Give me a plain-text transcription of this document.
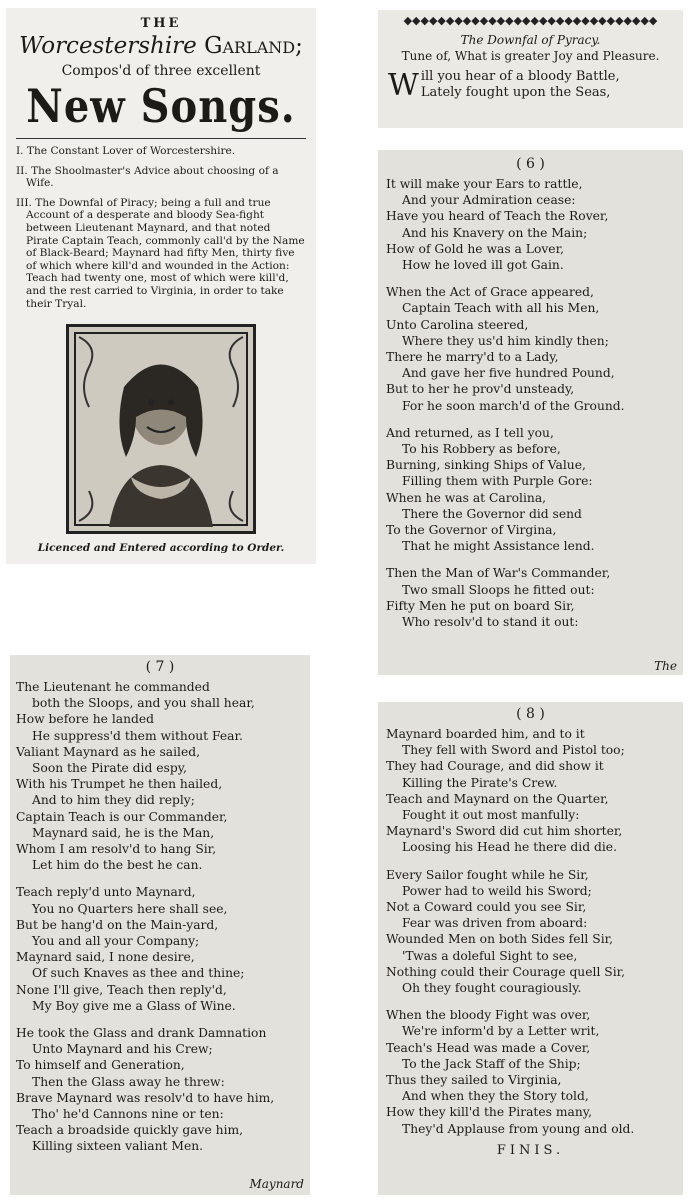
THE
Worcestershire Garland;
Compos'd of three excellent
New Songs.

I. The Constant Lover of Worcestershire.

II. The Shoolmaster's Advice about choosing of a Wife.

III. The Downfal of Piracy; being a full and true Account of a desperate and bloody Sea-fight between Lieutenant Maynard, and that noted Pirate Captain Teach, commonly call'd by the Name of Black-Beard; Maynard had fifty Men, thirty five of which where kill'd and wounded in the Action: Teach had twenty one, most of which were kill'd, and the rest carried to Virginia, in order to take their Tryal.

Licenced and Entered according to Order.
◆◆◆◆◆◆◆◆◆◆◆◆◆◆◆◆◆◆◆◆◆◆◆◆◆◆◆◆◆◆
The Downfal of Pyracy.
Tune of, What is greater Joy and Pleasure.
W ill you hear of a bloody Battle,
Lately fought upon the Seas,
( 6 )
It will make your Ears to rattle,
And your Admiration cease:
Have you heard of Teach the Rover,
And his Knavery on the Main;
How of Gold he was a Lover,
How he loved ill got Gain.
When the Act of Grace appeared,
Captain Teach with all his Men,
Unto Carolina steered,
Where they us'd him kindly then;
There he marry'd to a Lady,
And gave her five hundred Pound,
But to her he prov'd unsteady,
For he soon march'd of the Ground.
And returned, as I tell you,
To his Robbery as before,
Burning, sinking Ships of Value,
Filling them with Purple Gore:
When he was at Carolina,
There the Governor did send
To the Governor of Virgina,
That he might Assistance lend.
Then the Man of War's Commander,
Two small Sloops he fitted out:
Fifty Men he put on board Sir,
Who resolv'd to stand it out:
The
( 7 )
The Lieutenant he commanded
both the Sloops, and you shall hear,
How before he landed
He suppress'd them without Fear.
Valiant Maynard as he sailed,
Soon the Pirate did espy,
With his Trumpet he then hailed,
And to him they did reply;
Captain Teach is our Commander,
Maynard said, he is the Man,
Whom I am resolv'd to hang Sir,
Let him do the best he can.
Teach reply'd unto Maynard,
You no Quarters here shall see,
But be hang'd on the Main-yard,
You and all your Company;
Maynard said, I none desire,
Of such Knaves as thee and thine;
None I'll give, Teach then reply'd,
My Boy give me a Glass of Wine.
He took the Glass and drank Damnation
Unto Maynard and his Crew;
To himself and Generation,
Then the Glass away he threw:
Brave Maynard was resolv'd to have him,
Tho' he'd Cannons nine or ten:
Teach a broadside quickly gave him,
Killing sixteen valiant Men.
Maynard
( 8 )
Maynard boarded him, and to it
They fell with Sword and Pistol too;
They had Courage, and did show it
Killing the Pirate's Crew.
Teach and Maynard on the Quarter,
Fought it out most manfully:
Maynard's Sword did cut him shorter,
Loosing his Head he there did die.
Every Sailor fought while he Sir,
Power had to weild his Sword;
Not a Coward could you see Sir,
Fear was driven from aboard:
Wounded Men on both Sides fell Sir,
'Twas a doleful Sight to see,
Nothing could their Courage quell Sir,
Oh they fought couragiously.
When the bloody Fight was over,
We're inform'd by a Letter writ,
Teach's Head was made a Cover,
To the Jack Staff of the Ship;
Thus they sailed to Virginia,
And when they the Story told,
How they kill'd the Pirates many,
They'd Applause from young and old.
FINIS.
